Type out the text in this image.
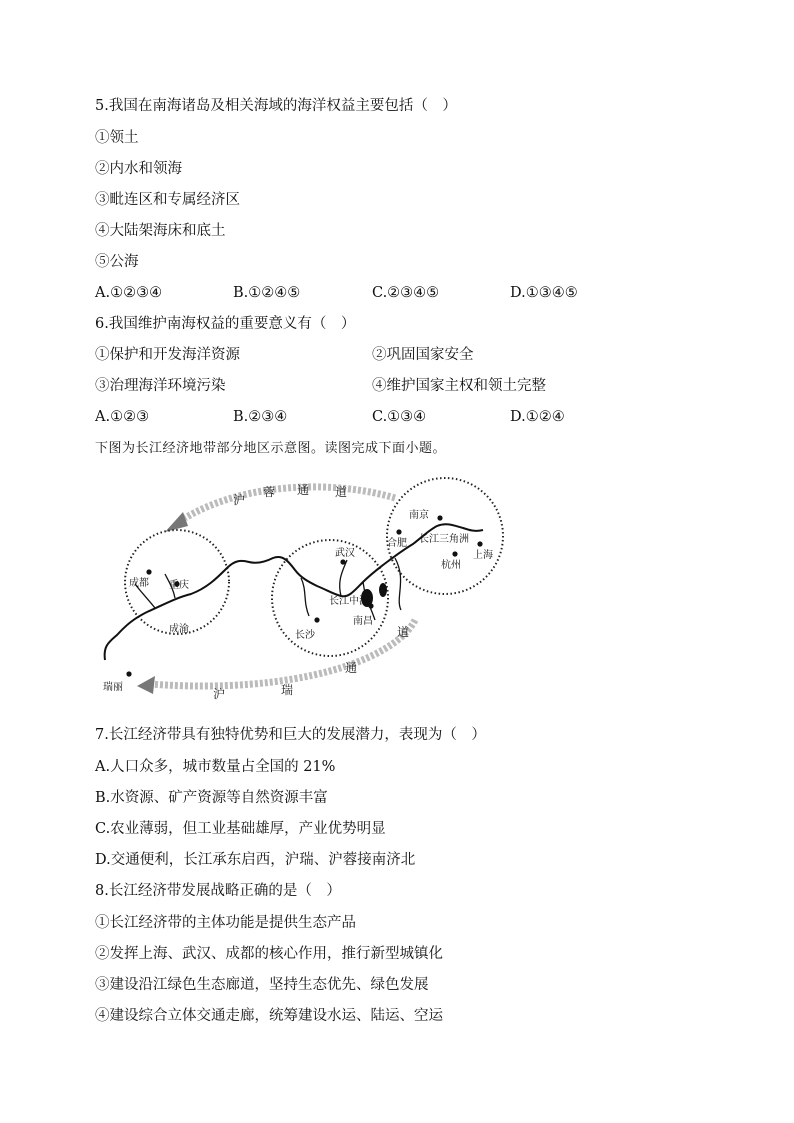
5.我国在南海诸岛及相关海域的海洋权益主要包括（　）
①领土
②内水和领海
③毗连区和专属经济区
④大陆架海床和底土
⑤公海
A.①②③④	B.①②④⑤	C.②③④⑤	D.①③④⑤
6.我国维护南海权益的重要意义有（　）
①保护和开发海洋资源	②巩固国家安全
③治理海洋环境污染	④维护国家主权和领土完整
A.①②③	B.②③④	C.①③④	D.①②④
下图为长江经济地带部分地区示意图。读图完成下面小题。
沪
蓉 通 道
沪	瑞
通
道
成渝
长江中游
长江三角洲
成都 重庆
武汉
长沙
南昌
南京
合肥
上海
杭州
瑞丽
7.长江经济带具有独特优势和巨大的发展潜力，表现为（　）
A.人口众多，城市数量占全国的 21%
B.水资源、矿产资源等自然资源丰富
C.农业薄弱，但工业基础雄厚，产业优势明显
D.交通便利，长江承东启西，沪瑞、沪蓉接南济北
8.长江经济带发展战略正确的是（　）
①长江经济带的主体功能是提供生态产品
②发挥上海、武汉、成都的核心作用，推行新型城镇化
③建设沿江绿色生态廊道，坚持生态优先、绿色发展
④建设综合立体交通走廊，统筹建设水运、陆运、空运
